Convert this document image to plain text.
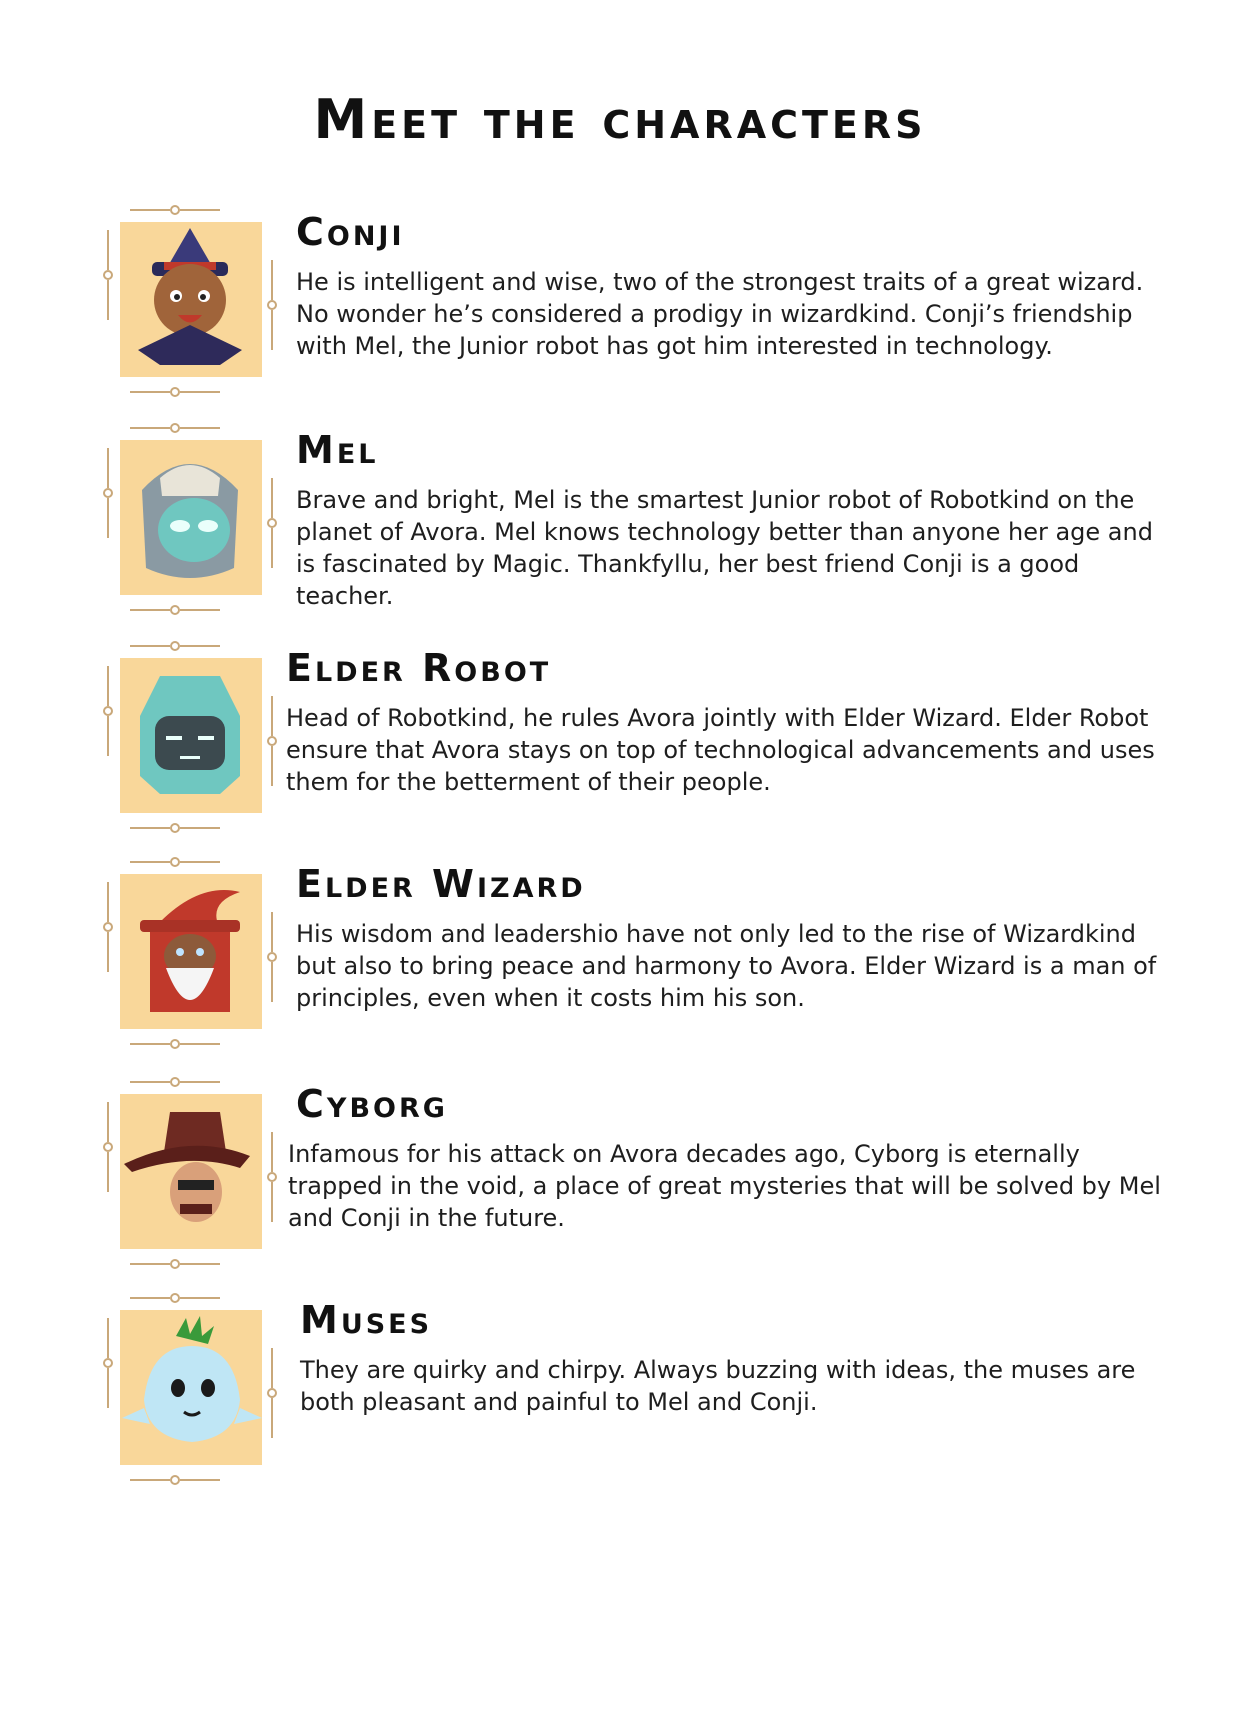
Meet the characters
Conji
He is intelligent and wise, two of the strongest traits of a great wizard. No wonder he’s considered a prodigy in wizardkind. Conji’s friendship with Mel, the Junior robot has got him interested in technology.
Mel
Brave and bright, Mel is the smartest Junior robot of Robotkind on the planet of Avora. Mel knows technology better than anyone her age and is fascinated by Magic. Thankfyllu, her best friend Conji is a good teacher.
Elder Robot
Head of Robotkind, he rules Avora jointly with Elder Wizard. Elder Robot ensure that Avora stays on top of technological advancements and uses them for the betterment of their people.
Elder Wizard
His wisdom and leadershio have not only led to the rise of Wizardkind but also to bring peace and harmony to Avora. Elder Wizard is a man of principles, even when it costs him his son.
Cyborg
Infamous for his attack on Avora decades ago, Cyborg is eternally trapped in the void, a place of great mysteries that will be solved by Mel and Conji in the future.
Muses
They are quirky and chirpy. Always buzzing with ideas, the muses are both pleasant and painful to Mel and Conji.
